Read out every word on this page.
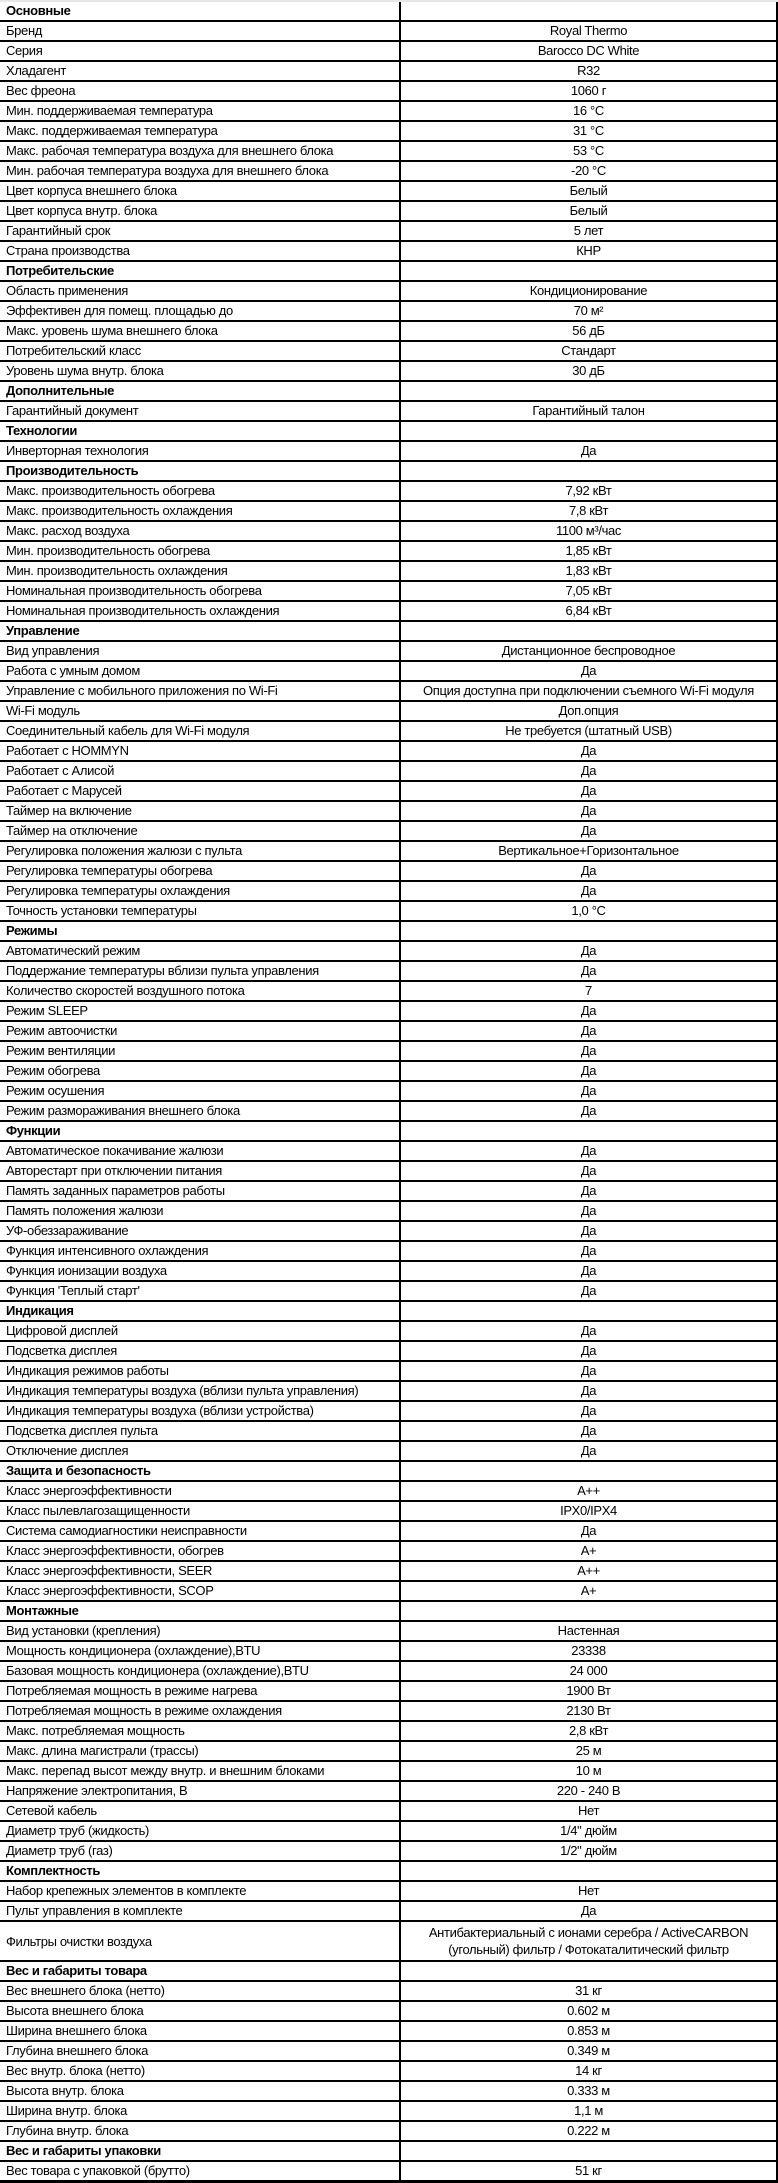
Основные	
Бренд	Royal Thermo
Серия	Barocco DC White
Хладагент	R32
Вес фреона	1060 г
Мин. поддерживаемая температура	16 °C
Макс. поддерживаемая температура	31 °C
Макс. рабочая температура воздуха для внешнего блока	53 °C
Мин. рабочая температура воздуха для внешнего блока	-20 °C
Цвет корпуса внешнего блока	Белый
Цвет корпуса внутр. блока	Белый
Гарантийный срок	5 лет
Страна производства	КНР
Потребительские	
Область применения	Кондиционирование
Эффективен для помещ. площадью до	70 м²
Макс. уровень шума внешнего блока	56 дБ
Потребительский класс	Стандарт
Уровень шума внутр. блока	30 дБ
Дополнительные	
Гарантийный документ	Гарантийный талон
Технологии	
Инверторная технология	Да
Производительность	
Макс. производительность обогрева	7,92 кВт
Макс. производительность охлаждения	7,8 кВт
Макс. расход воздуха	1100 м³/час
Мин. производительность обогрева	1,85 кВт
Мин. производительность охлаждения	1,83 кВт
Номинальная производительность обогрева	7,05 кВт
Номинальная производительность охлаждения	6,84 кВт
Управление	
Вид управления	Дистанционное беспроводное
Работа с умным домом	Да
Управление с мобильного приложения по Wi-Fi	Опция доступна при подключении съемного Wi-Fi модуля
Wi-Fi модуль	Доп.опция
Соединительный кабель для Wi-Fi модуля	Не требуется (штатный USB)
Работает с HOMMYN	Да
Работает с Алисой	Да
Работает с Марусей	Да
Таймер на включение	Да
Таймер на отключение	Да
Регулировка положения жалюзи с пульта	Вертикальное+Горизонтальное
Регулировка температуры обогрева	Да
Регулировка температуры охлаждения	Да
Точность установки температуры	1,0 °C
Режимы	
Автоматический режим	Да
Поддержание температуры вблизи пульта управления	Да
Количество скоростей воздушного потока	7
Режим SLEEP	Да
Режим автоочистки	Да
Режим вентиляции	Да
Режим обогрева	Да
Режим осушения	Да
Режим размораживания внешнего блока	Да
Функции	
Автоматическое покачивание жалюзи	Да
Авторестарт при отключении питания	Да
Память заданных параметров работы	Да
Память положения жалюзи	Да
УФ-обеззараживание	Да
Функция интенсивного охлаждения	Да
Функция ионизации воздуха	Да
Функция 'Теплый старт'	Да
Индикация	
Цифровой дисплей	Да
Подсветка дисплея	Да
Индикация режимов работы	Да
Индикация температуры воздуха (вблизи пульта управления)	Да
Индикация температуры воздуха (вблизи устройства)	Да
Подсветка дисплея пульта	Да
Отключение дисплея	Да
Защита и безопасность	
Класс энергоэффективности	A++
Класс пылевлагозащищенности	IPX0/IPX4
Система самодиагностики неисправности	Да
Класс энергоэффективности, обогрев	A+
Класс энергоэффективности, SEER	A++
Класс энергоэффективности, SCOP	A+
Монтажные	
Вид установки (крепления)	Настенная
Мощность кондиционера (охлаждение),BTU	23338
Базовая мощность кондиционера (охлаждение),BTU	24 000
Потребляемая мощность в режиме нагрева	1900 Вт
Потребляемая мощность в режиме охлаждения	2130 Вт
Макс. потребляемая мощность	2,8 кВт
Макс. длина магистрали (трассы)	25 м
Макс. перепад высот между внутр. и внешним блоками	10 м
Напряжение электропитания, В	220 - 240 В
Сетевой кабель	Нет
Диаметр труб (жидкость)	1/4" дюйм
Диаметр труб (газ)	1/2" дюйм
Комплектность	
Набор крепежных элементов в комплекте	Нет
Пульт управления в комплекте	Да
Фильтры очистки воздуха	Антибактериальный с ионами серебра / ActiveCARBON (угольный) фильтр / Фотокаталитический фильтр
Вес и габариты товара	
Вес внешнего блока (нетто)	31 кг
Высота внешнего блока	0.602 м
Ширина внешнего блока	0.853 м
Глубина внешнего блока	0.349 м
Вес внутр. блока (нетто)	14 кг
Высота внутр. блока	0.333 м
Ширина внутр. блока	1,1 м
Глубина внутр. блока	0.222 м
Вес и габариты упаковки	
Вес товара с упаковкой (брутто)	51 кг
